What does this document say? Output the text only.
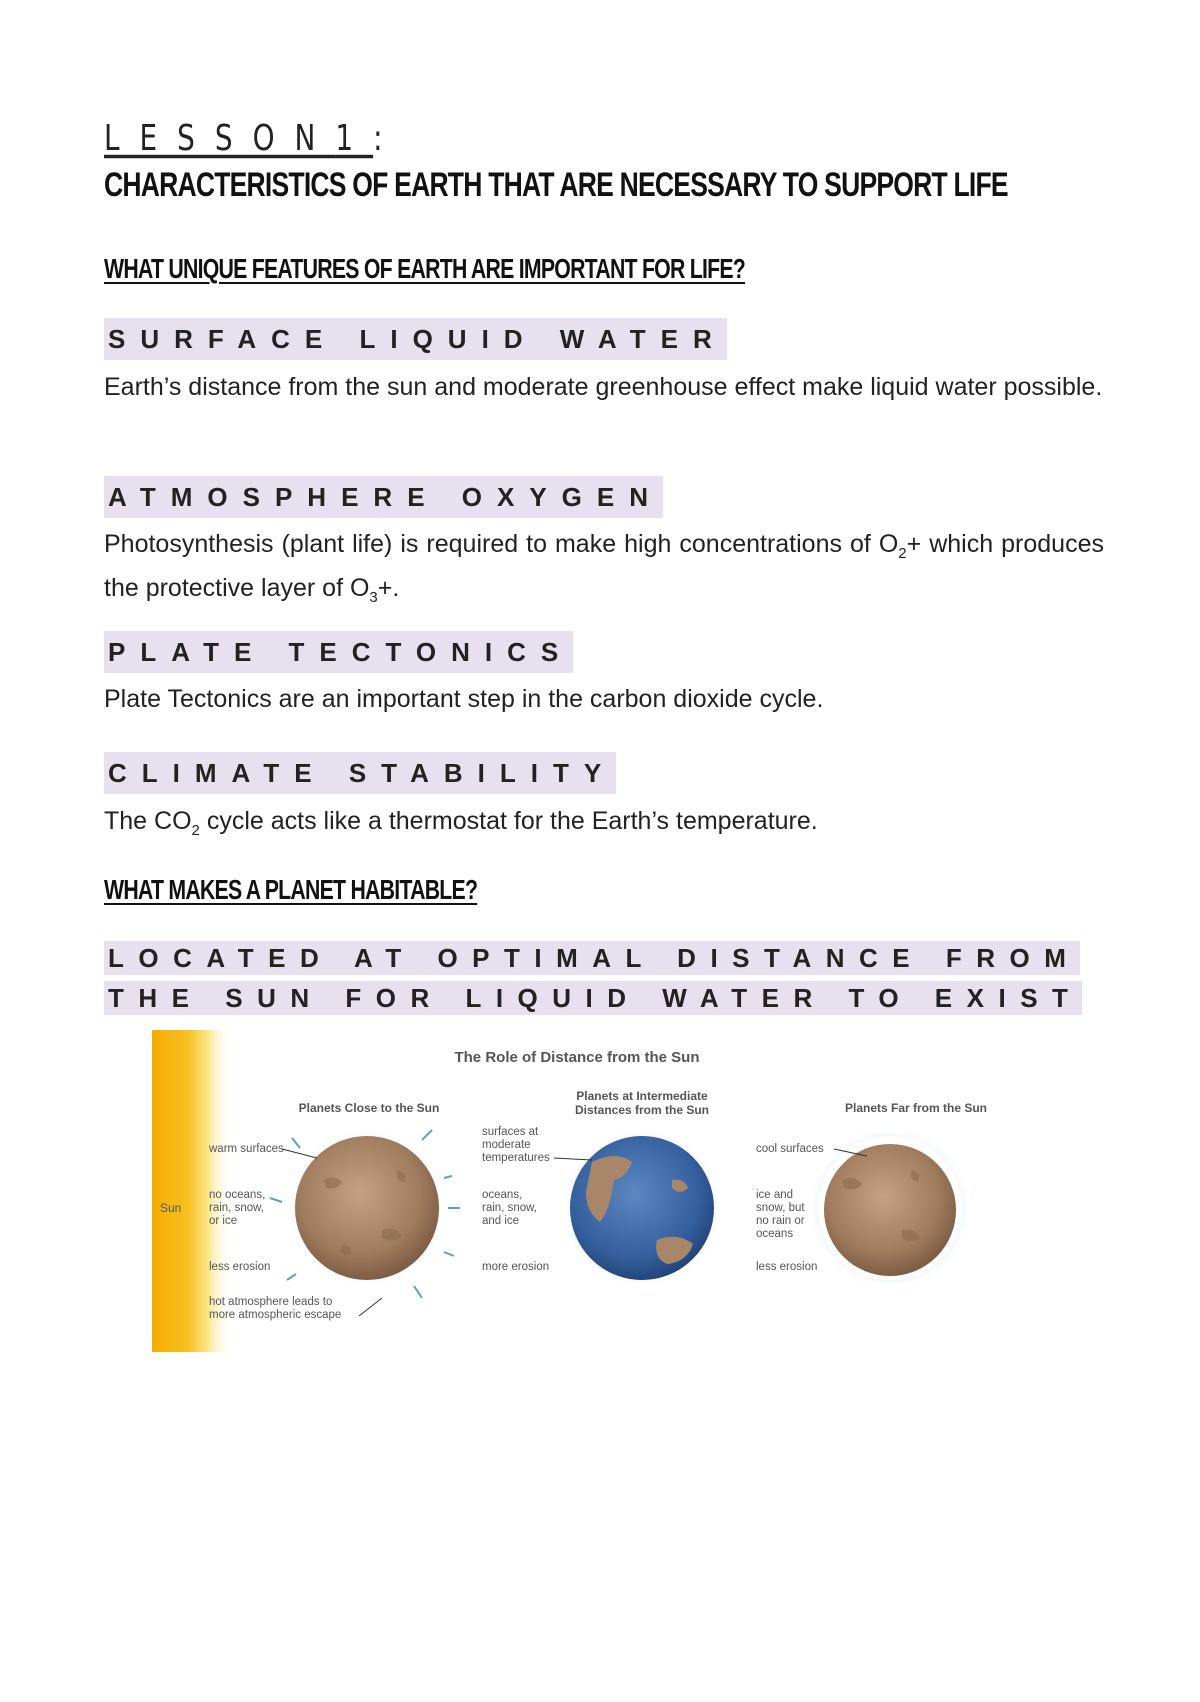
LESSON1:
CHARACTERISTICS OF EARTH THAT ARE NECESSARY TO SUPPORT LIFE
WHAT UNIQUE FEATURES OF EARTH ARE IMPORTANT FOR LIFE?
SURFACE LIQUID WATER
Earth’s distance from the sun and moderate greenhouse effect make liquid water possible.
ATMOSPHERE OXYGEN
Photosynthesis (plant life) is required to make high concentrations of $O_2+$ which produces the protective layer of $O_3+$.
PLATE TECTONICS
Plate Tectonics are an important step in the carbon dioxide cycle.
CLIMATE STABILITY
The $CO_2$ cycle acts like a thermostat for the Earth’s temperature.
WHAT MAKES A PLANET HABITABLE?
LOCATED AT OPTIMAL DISTANCE FROM THE SUN FOR LIQUID WATER TO EXIST
Sun
The Role of Distance from the Sun
Planets Close to the Sun
warm surfaces
no oceans,
rain, snow,
or ice
less erosion
hot atmosphere leads to
more atmospheric escape
Planets at Intermediate
Distances from the Sun
surfaces at
moderate
temperatures
oceans,
rain, snow,
and ice
more erosion
Planets Far from the Sun
cool surfaces
ice and
snow, but
no rain or
oceans
less erosion
